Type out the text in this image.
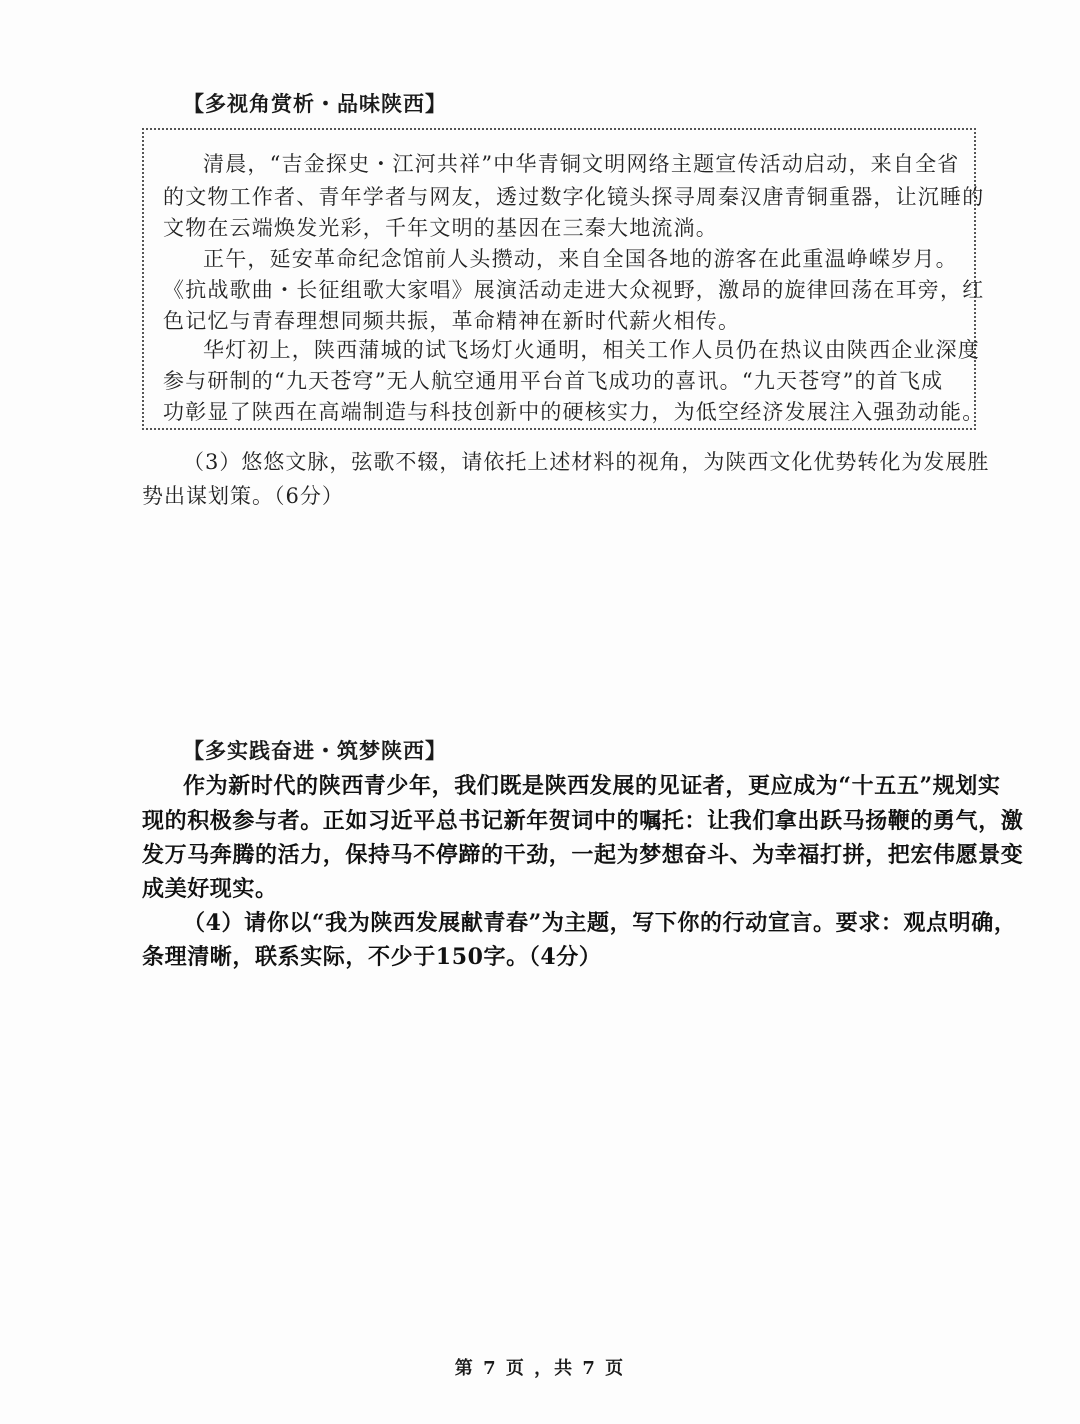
【多视角赏析・品味陕西】
清晨，“吉金探史・江河共祥”中华青铜文明网络主题宣传活动启动，来自全省
的文物工作者、青年学者与网友，透过数字化镜头探寻周秦汉唐青铜重器，让沉睡的
文物在云端焕发光彩，千年文明的基因在三秦大地流淌。
正午，延安革命纪念馆前人头攒动，来自全国各地的游客在此重温峥嵘岁月。
《抗战歌曲・长征组歌大家唱》展演活动走进大众视野，激昂的旋律回荡在耳旁，红
色记忆与青春理想同频共振，革命精神在新时代薪火相传。
华灯初上，陕西蒲城的试飞场灯火通明，相关工作人员仍在热议由陕西企业深度
参与研制的“九天苍穹”无人航空通用平台首飞成功的喜讯。“九天苍穹”的首飞成
功彰显了陕西在高端制造与科技创新中的硬核实力，为低空经济发展注入强劲动能。
（3）悠悠文脉，弦歌不辍，请依托上述材料的视角，为陕西文化优势转化为发展胜
势出谋划策。（6分）
【多实践奋进・筑梦陕西】
作为新时代的陕西青少年，我们既是陕西发展的见证者，更应成为“十五五”规划实
现的积极参与者。正如习近平总书记新年贺词中的嘱托：让我们拿出跃马扬鞭的勇气，激
发万马奔腾的活力，保持马不停蹄的干劲，一起为梦想奋斗、为幸福打拼，把宏伟愿景变
成美好现实。
（4）请你以“我为陕西发展献青春”为主题，写下你的行动宣言。要求：观点明确，
条理清晰，联系实际，不少于150字。（4分）
第 7 页 ，共 7 页
